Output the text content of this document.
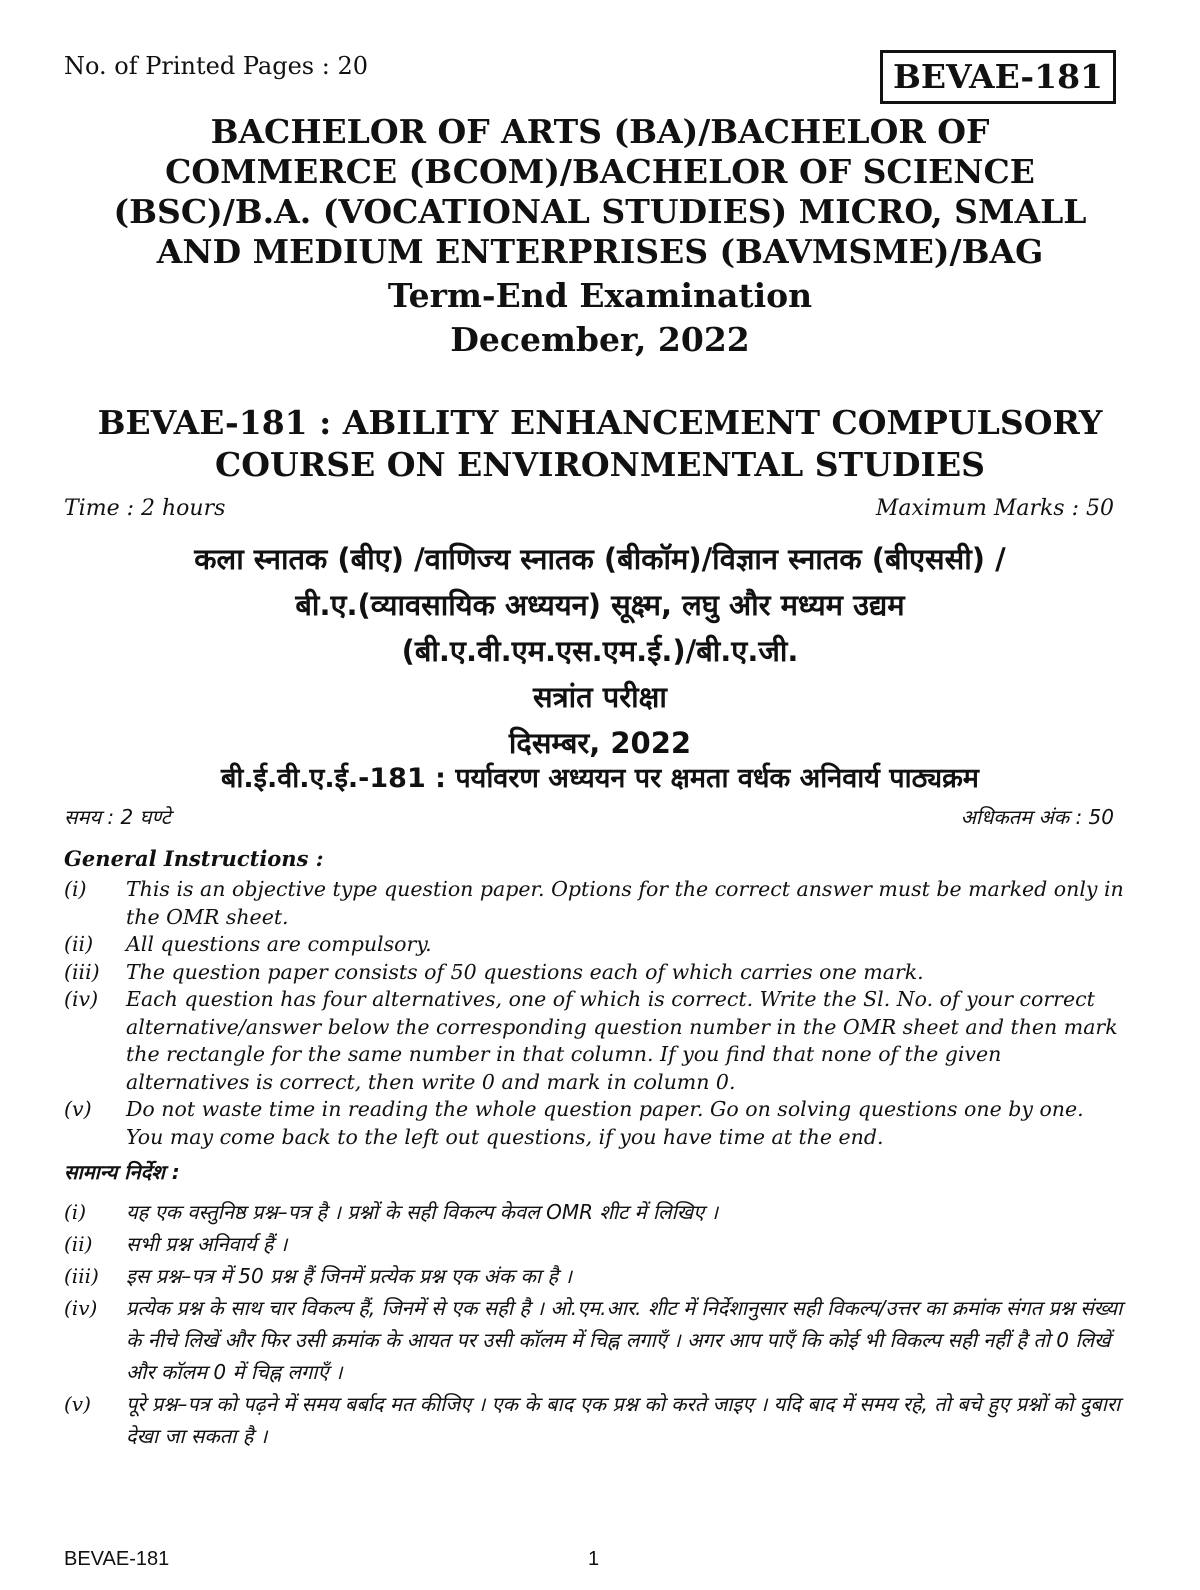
No. of Printed Pages : 20	BEVAE-181
BACHELOR OF ARTS (BA)/BACHELOR OF
COMMERCE (BCOM)/BACHELOR OF SCIENCE
(BSC)/B.A. (VOCATIONAL STUDIES) MICRO, SMALL
AND MEDIUM ENTERPRISES (BAVMSME)/BAG
Term-End Examination
December, 2022
BEVAE-181 : ABILITY ENHANCEMENT COMPULSORY
COURSE ON ENVIRONMENTAL STUDIES
Time : 2 hours	Maximum Marks : 50
कला स्नातक (बीए) /वाणिज्य स्नातक (बीकॉम)/विज्ञान स्नातक (बीएससी) /
बी.ए.(व्यावसायिक अध्ययन) सूक्ष्म, लघु और मध्यम उद्यम
(बी.ए.वी.एम.एस.एम.ई.)/बी.ए.जी.
सत्रांत परीक्षा
दिसम्बर, 2022
बी.ई.वी.ए.ई.-181 : पर्यावरण अध्ययन पर क्षमता वर्धक अनिवार्य पाठ्यक्रम
समय : 2 घण्टे	अधिकतम अंक : 50
General Instructions :
(i)	This is an objective type question paper. Options for the correct answer must be marked only in the OMR sheet.
(ii)	All questions are compulsory.
(iii)	The question paper consists of 50 questions each of which carries one mark.
(iv)	Each question has four alternatives, one of which is correct. Write the Sl. No. of your correct alternative/answer below the corresponding question number in the OMR sheet and then mark the rectangle for the same number in that column. If you find that none of the given alternatives is correct, then write 0 and mark in column 0.
(v)	Do not waste time in reading the whole question paper. Go on solving questions one by one. You may come back to the left out questions, if you have time at the end.
सामान्य निर्देश :
(i)	यह एक वस्तुनिष्ठ प्रश्न–पत्र है । प्रश्नों के सही विकल्प केवल OMR शीट में लिखिए ।
(ii)	सभी प्रश्न अनिवार्य हैं ।
(iii)	इस प्रश्न–पत्र में 50 प्रश्न हैं जिनमें प्रत्येक प्रश्न एक अंक का है ।
(iv)	प्रत्येक प्रश्न के साथ चार विकल्प हैं, जिनमें से एक सही है । ओ.एम.आर. शीट में निर्देशानुसार सही विकल्प/उत्तर का क्रमांक संगत प्रश्न संख्या के नीचे लिखें और फिर उसी क्रमांक के आयत पर उसी कॉलम में चिह्न लगाएँ । अगर आप पाएँ कि कोई भी विकल्प सही नहीं है तो 0 लिखें और कॉलम 0 में चिह्न लगाएँ ।
(v)	पूरे प्रश्न–पत्र को पढ़ने में समय बर्बाद मत कीजिए । एक के बाद एक प्रश्न को करते जाइए । यदि बाद में समय रहे, तो बचे हुए प्रश्नों को दुबारा देखा जा सकता है ।
BEVAE-181	1
